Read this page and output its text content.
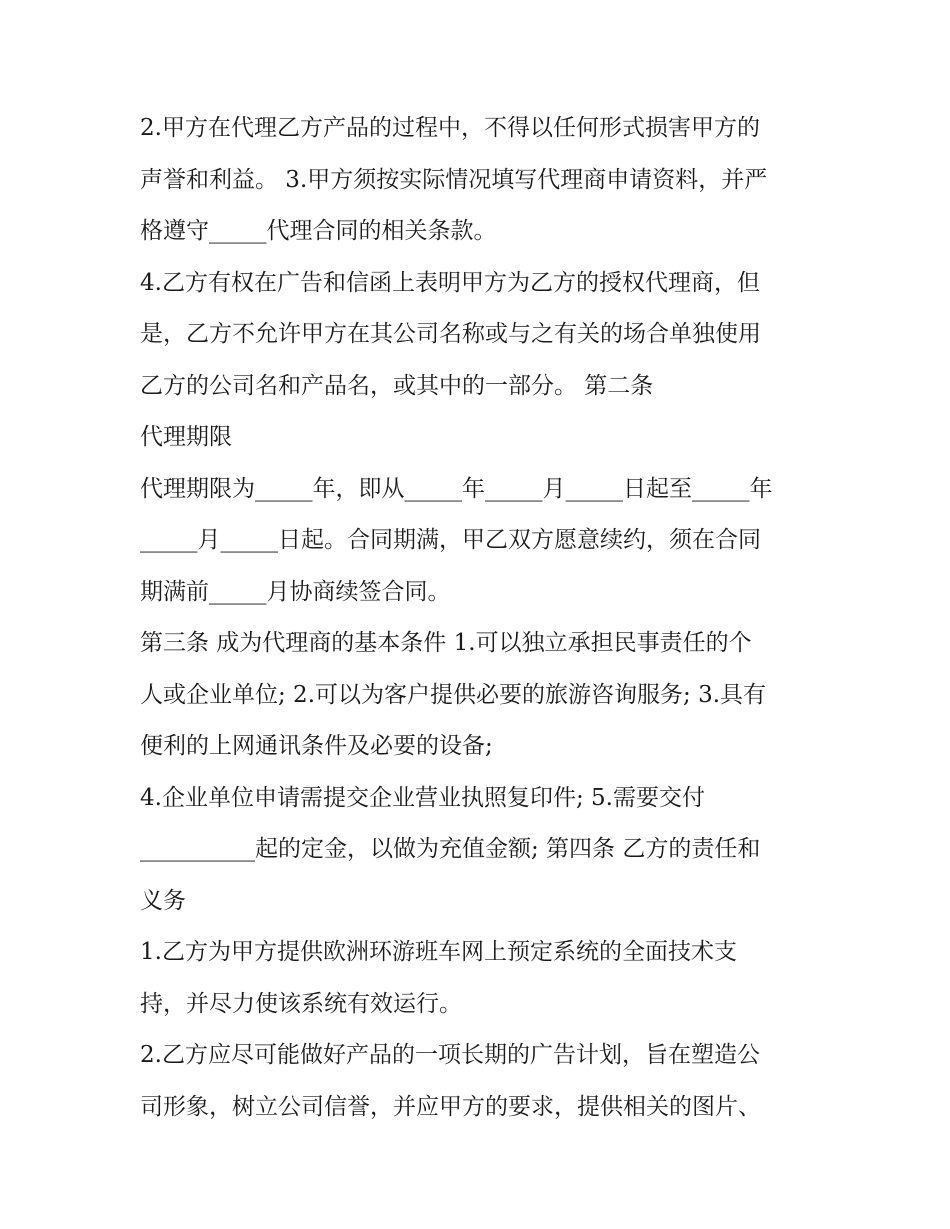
2.甲方在代理乙方产品的过程中，不得以任何形式损害甲方的
声誉和利益。 3.甲方须按实际情况填写代理商申请资料，并严
格遵守_____代理合同的相关条款。
4.乙方有权在广告和信函上表明甲方为乙方的授权代理商，但
是，乙方不允许甲方在其公司名称或与之有关的场合单独使用
乙方的公司名和产品名，或其中的一部分。 第二条
代理期限
代理期限为_____年，即从_____年_____月_____日起至_____年
_____月_____日起。合同期满，甲乙双方愿意续约，须在合同
期满前_____月协商续签合同。
第三条 成为代理商的基本条件 1.可以独立承担民事责任的个
人或企业单位; 2.可以为客户提供必要的旅游咨询服务; 3.具有
便利的上网通讯条件及必要的设备;
4.企业单位申请需提交企业营业执照复印件; 5.需要交付
__________起的定金，以做为充值金额; 第四条 乙方的责任和
义务
1.乙方为甲方提供欧洲环游班车网上预定系统的全面技术支
持，并尽力使该系统有效运行。
2.乙方应尽可能做好产品的一项长期的广告计划，旨在塑造公
司形象，树立公司信誉，并应甲方的要求，提供相关的图片、
